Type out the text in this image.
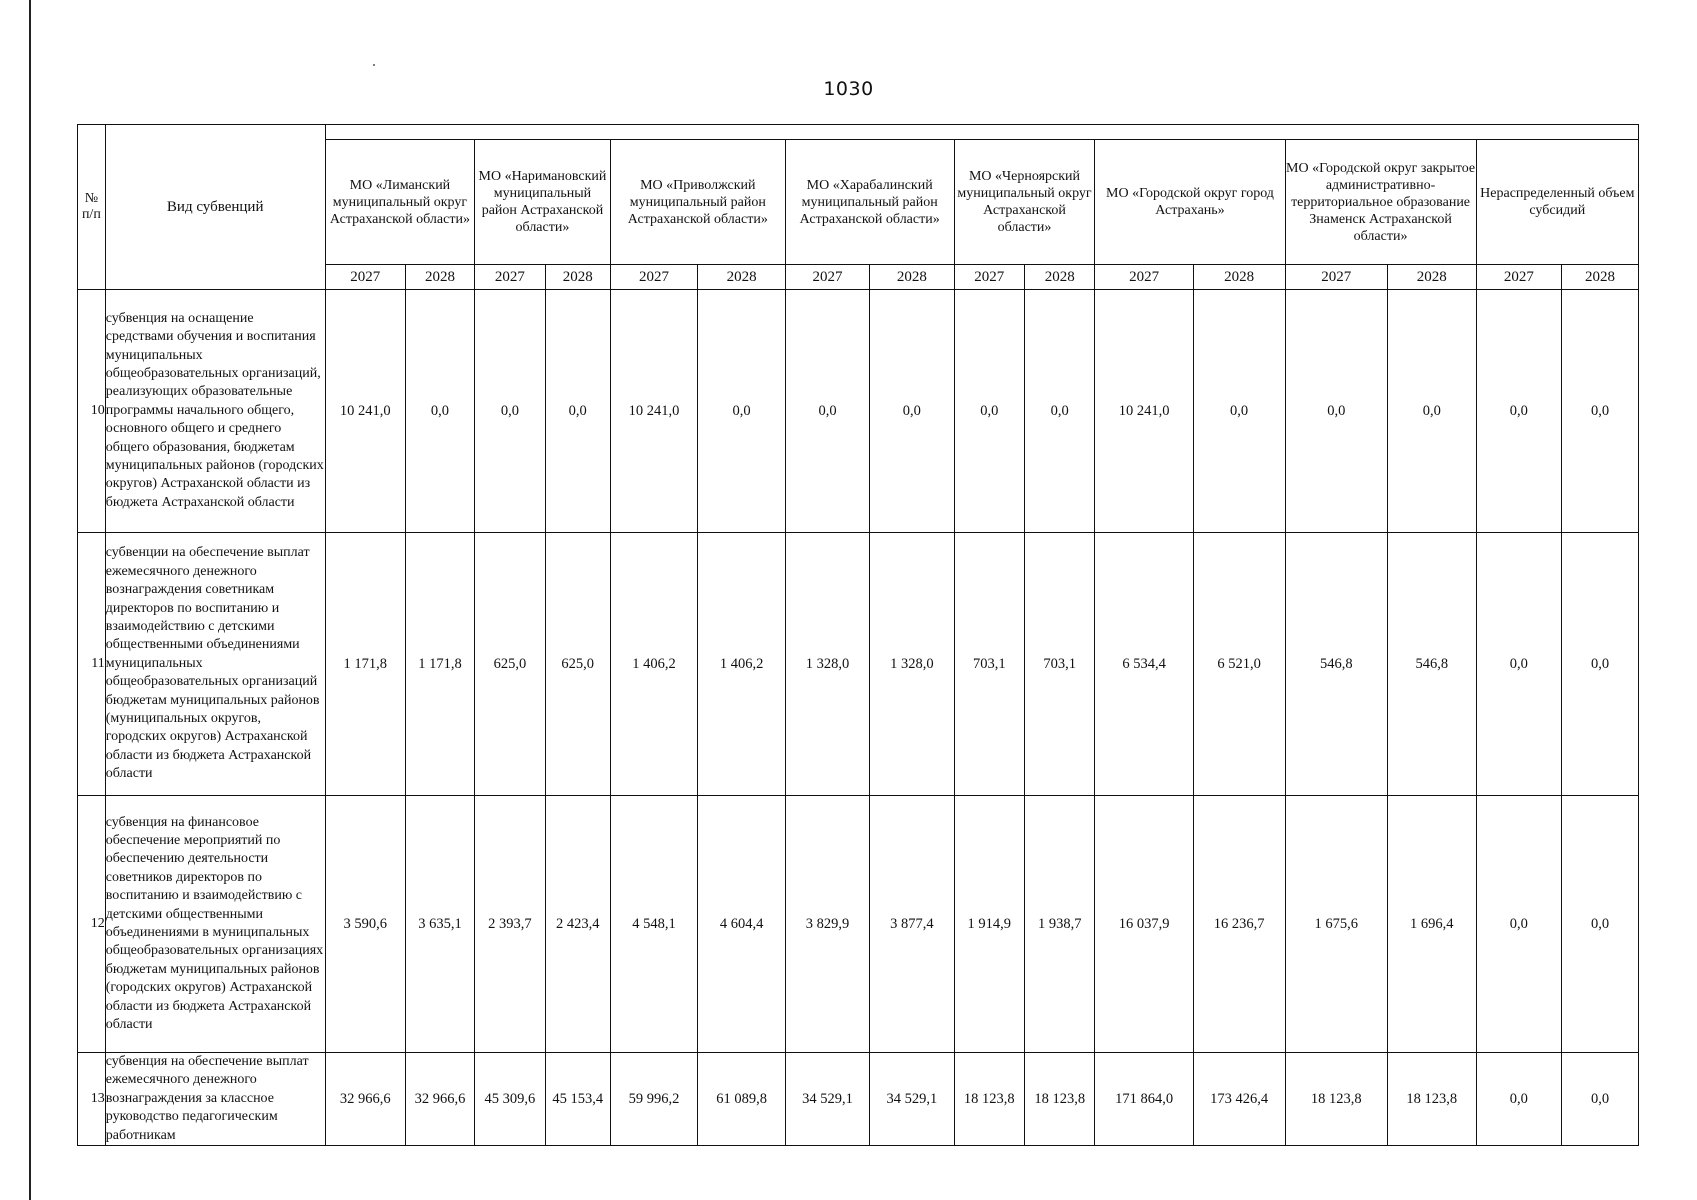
1030
№ п/п	Вид субвенций																
		МО «Лиманский муниципальный округ Астраханской области»		МО «Наримановский муниципальный район Астраханской области»		МО «Приволжский муниципальный район Астраханской области»		МО «Харабалинский муниципальный район Астраханской области»		МО «Черноярский муниципальный округ Астраханской области»		МО «Городской округ город Астрахань»		МО «Городской округ закрытое административно-территориальное образование Знаменск Астраханской области»		Нераспределенный объем субсидий	
		2027	2028	2027	2028	2027	2028	2027	2028	2027	2028	2027	2028	2027	2028	2027	2028
10	субвенция на оснащение средствами обучения и воспитания муниципальных общеобразовательных организаций, реализующих образовательные программы начального общего, основного общего и среднего общего образования, бюджетам муниципальных районов (городских округов) Астраханской области из бюджета Астраханской области	10 241,0	0,0	0,0	0,0	10 241,0	0,0	0,0	0,0	0,0	0,0	10 241,0	0,0	0,0	0,0	0,0	0,0
11	субвенции на обеспечение выплат ежемесячного денежного вознаграждения советникам директоров по воспитанию и взаимодействию с детскими общественными объединениями муниципальных общеобразовательных организаций бюджетам муниципальных районов (муниципальных округов, городских округов) Астраханской области из бюджета Астраханской области	1 171,8	1 171,8	625,0	625,0	1 406,2	1 406,2	1 328,0	1 328,0	703,1	703,1	6 534,4	6 521,0	546,8	546,8	0,0	0,0
12	субвенция на финансовое обеспечение мероприятий по обеспечению деятельности советников директоров по воспитанию и взаимодействию с детскими общественными объединениями в муниципальных общеобразовательных организациях бюджетам муниципальных районов (городских округов) Астраханской области из бюджета Астраханской области	3 590,6	3 635,1	2 393,7	2 423,4	4 548,1	4 604,4	3 829,9	3 877,4	1 914,9	1 938,7	16 037,9	16 236,7	1 675,6	1 696,4	0,0	0,0
13	субвенция на обеспечение выплат ежемесячного денежного вознаграждения за классное руководство педагогическим работникам	32 966,6	32 966,6	45 309,6	45 153,4	59 996,2	61 089,8	34 529,1	34 529,1	18 123,8	18 123,8	171 864,0	173 426,4	18 123,8	18 123,8	0,0	0,0
